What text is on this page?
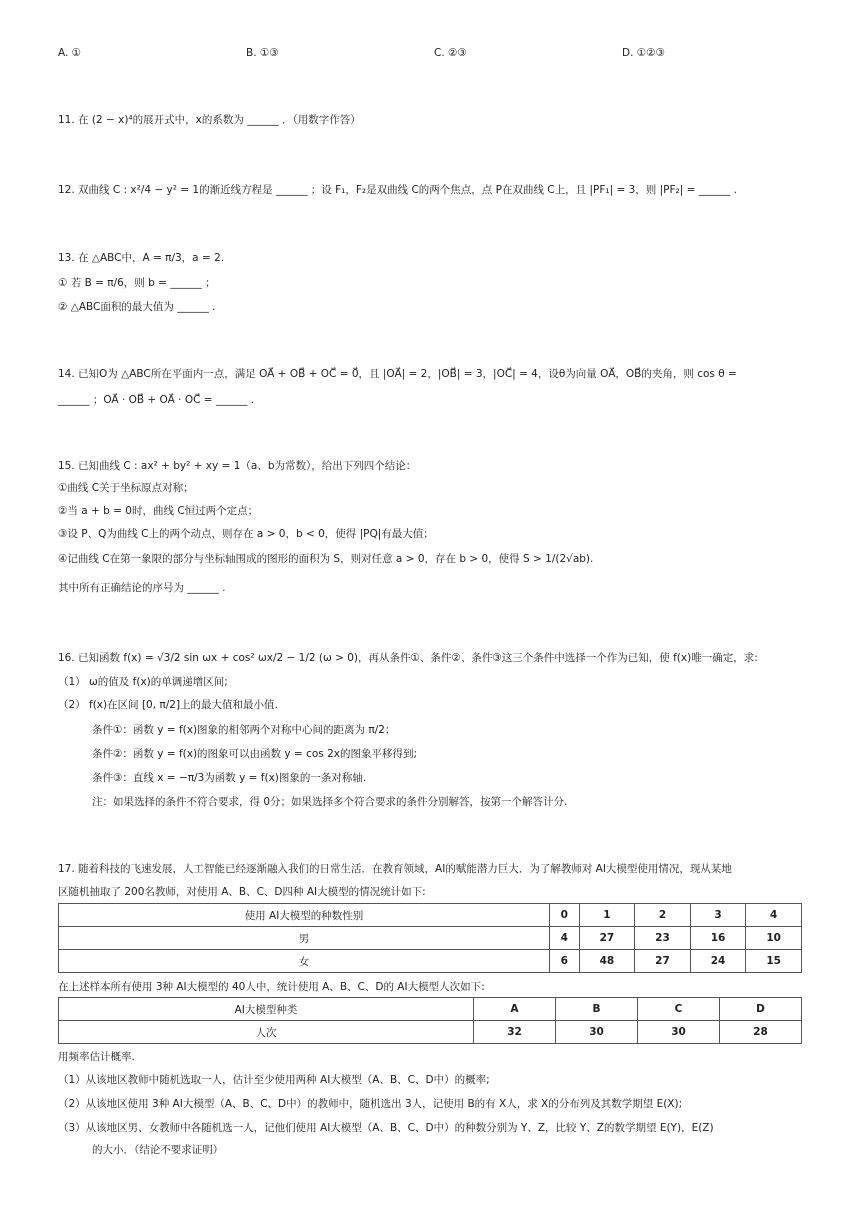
A. ①	B. ①③	C. ②③	D. ①②③
11. 在 (2 − x)⁴的展开式中，x的系数为 ______ ．（用数字作答）
12. 双曲线 C : x²/4 − y² = 1的渐近线方程是 ______ ；设 F₁，F₂是双曲线 C的两个焦点，点 P在双曲线 C上，且 |PF₁| = 3，则 |PF₂| = ______ .
13. 在 △ABC中，A = π/3，a = 2.
① 若 B = π/6，则 b = ______ ；
② △ABC面积的最大值为 ______ .
14. 已知O为 △ABC所在平面内一点，满足 OA⃗ + OB⃗ + OC⃗ = 0⃗，且 |OA⃗| = 2，|OB⃗| = 3，|OC⃗| = 4，设θ为向量 OA⃗，OB⃗的夹角，则 cos θ =
______ ；OA⃗ · OB⃗ + OA⃗ · OC⃗ = ______ .
15. 已知曲线 C : ax² + by² + xy = 1（a、b为常数），给出下列四个结论：
①曲线 C关于坐标原点对称；
②当 a + b = 0时，曲线 C恒过两个定点；
③设 P、Q为曲线 C上的两个动点，则存在 a > 0，b < 0，使得 |PQ|有最大值；
④记曲线 C在第一象限的部分与坐标轴围成的图形的面积为 S，则对任意 a > 0，存在 b > 0，使得 S > 1/(2√ab).
其中所有正确结论的序号为 ______ .
16. 已知函数 f(x) = √3/2 sin ωx + cos² ωx/2 − 1/2 (ω > 0)，再从条件①、条件②、条件③这三个条件中选择一个作为已知，使 f(x)唯一确定，求:
（1） ω的值及 f(x)的单调递增区间;
（2） f(x)在区间 [0, π/2]上的最大值和最小值.
条件①：函数 y = f(x)图象的相邻两个对称中心间的距离为 π/2；
条件②：函数 y = f(x)的图象可以由函数 y = cos 2x的图象平移得到;
条件③：直线 x = −π/3为函数 y = f(x)图象的一条对称轴.
注：如果选择的条件不符合要求，得 0分；如果选择多个符合要求的条件分别解答，按第一个解答计分.
17. 随着科技的飞速发展，人工智能已经逐渐融入我们的日常生活．在教育领域，AI的赋能潜力巨大．为了解教师对 AI大模型使用情况，现从某地
区随机抽取了 200名教师，对使用 A、B、C、D四种 AI大模型的情况统计如下:
使用 AI大模型的种数性别	0	1	2	3	4
男	4	27	23	16	10
女	6	48	27	24	15
在上述样本所有使用 3种 AI大模型的 40人中，统计使用 A、B、C、D的 AI大模型人次如下:
AI大模型种类	A	B	C	D
人次	32	30	30	28
用频率估计概率.
（1）从该地区教师中随机选取一人，估计至少使用两种 AI大模型（A、B、C、D中）的概率;
（2）从该地区使用 3种 AI大模型（A、B、C、D中）的教师中，随机选出 3人，记使用 B的有 X人，求 X的分布列及其数学期望 E(X);
（3）从该地区男、女教师中各随机选一人，记他们使用 AI大模型（A、B、C、D中）的种数分别为 Y、Z，比较 Y、Z的数学期望 E(Y)，E(Z)
的大小．（结论不要求证明）
